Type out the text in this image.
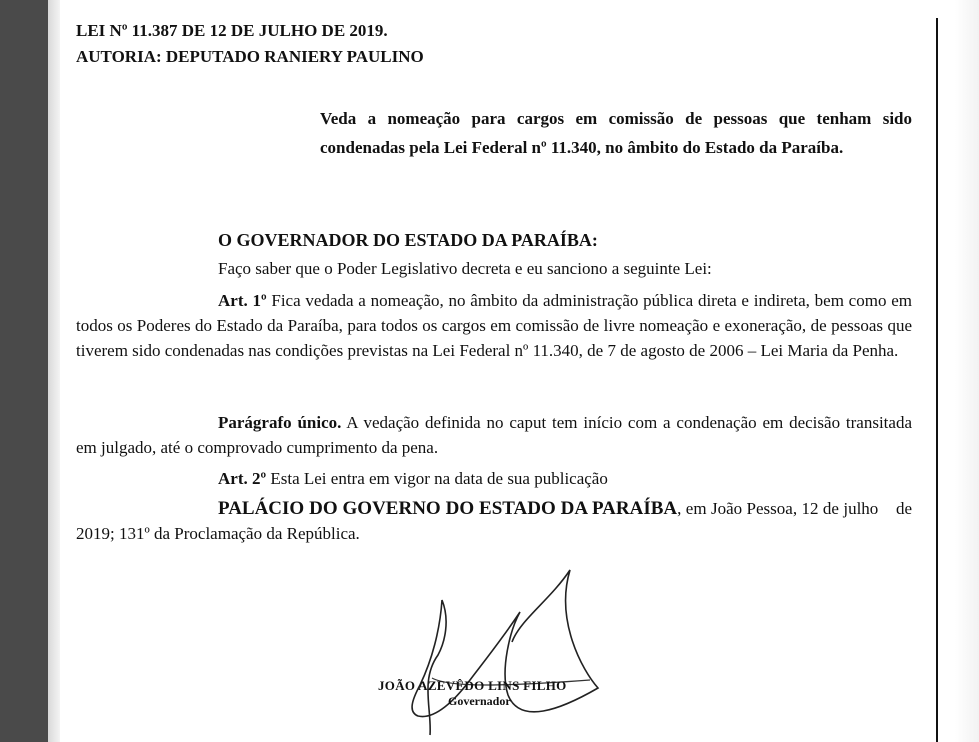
LEI Nº 11.387 DE 12 DE JULHO DE 2019.
AUTORIA: DEPUTADO RANIERY PAULINO
Veda a nomeação para cargos em comissão de pessoas que tenham sido condenadas pela Lei Federal nº 11.340, no âmbito do Estado da Paraíba.
O GOVERNADOR DO ESTADO DA PARAÍBA:
Faço saber que o Poder Legislativo decreta e eu sanciono a seguinte Lei:
Art. 1º Fica vedada a nomeação, no âmbito da administração pública direta e indireta, bem como em todos os Poderes do Estado da Paraíba, para todos os cargos em comissão de livre nomeação e exoneração, de pessoas que tiverem sido condenadas nas condições previstas na Lei Federal nº 11.340, de 7 de agosto de 2006 – Lei Maria da Penha.
Parágrafo único. A vedação definida no caput tem início com a condenação em decisão transitada em julgado, até o comprovado cumprimento da pena.
Art. 2º Esta Lei entra em vigor na data de sua publicação
PALÁCIO DO GOVERNO DO ESTADO DA PARAÍBA, em João Pessoa, 12 de julho    de 2019; 131º da Proclamação da República.
JOÃO AZEVÊDO LINS FILHO
Governador
